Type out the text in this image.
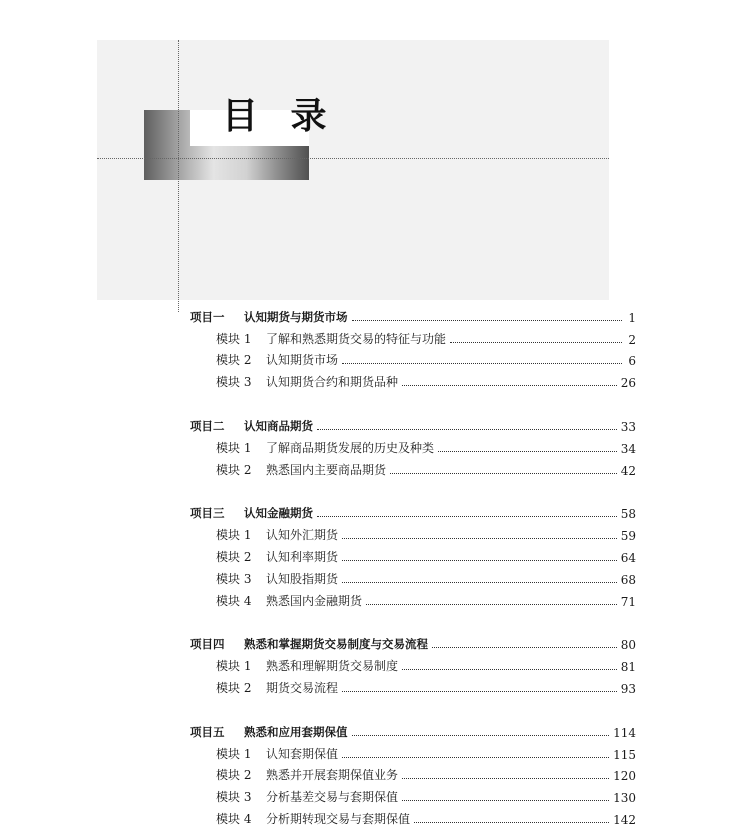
目 录
项目一 认知期货与期货市场	1
模块 1 了解和熟悉期货交易的特征与功能	2
模块 2 认知期货市场	6
模块 3 认知期货合约和期货品种	26
项目二 认知商品期货	33
模块 1 了解商品期货发展的历史及种类	34
模块 2 熟悉国内主要商品期货	42
项目三 认知金融期货	58
模块 1 认知外汇期货	59
模块 2 认知利率期货	64
模块 3 认知股指期货	68
模块 4 熟悉国内金融期货	71
项目四 熟悉和掌握期货交易制度与交易流程	80
模块 1 熟悉和理解期货交易制度	81
模块 2 期货交易流程	93
项目五 熟悉和应用套期保值	114
模块 1 认知套期保值	115
模块 2 熟悉并开展套期保值业务	120
模块 3 分析基差交易与套期保值	130
模块 4 分析期转现交易与套期保值	142
